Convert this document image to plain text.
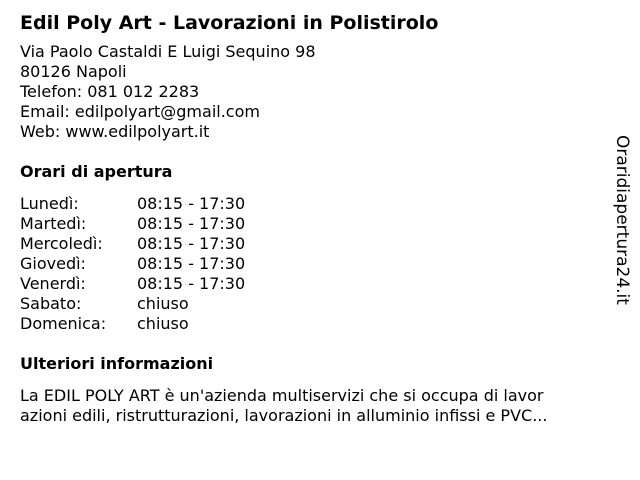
Edil Poly Art - Lavorazioni in Polistirolo
Via Paolo Castaldi E Luigi Sequino 98
80126 Napoli
Telefon: 081 012 2283
Email: edilpolyart@gmail.com
Web: www.edilpolyart.it
Orari di apertura
Lunedì:	08:15 - 17:30
Martedì:	08:15 - 17:30
Mercoledì:	08:15 - 17:30
Giovedì:	08:15 - 17:30
Venerdì:	08:15 - 17:30
Sabato:	chiuso
Domenica:	chiuso
Ulteriori informazioni
La EDIL POLY ART è un'azienda multiservizi che si occupa di lavor
azioni edili, ristrutturazioni, lavorazioni in alluminio infissi e PVC...
Oraridiapertura24.it
